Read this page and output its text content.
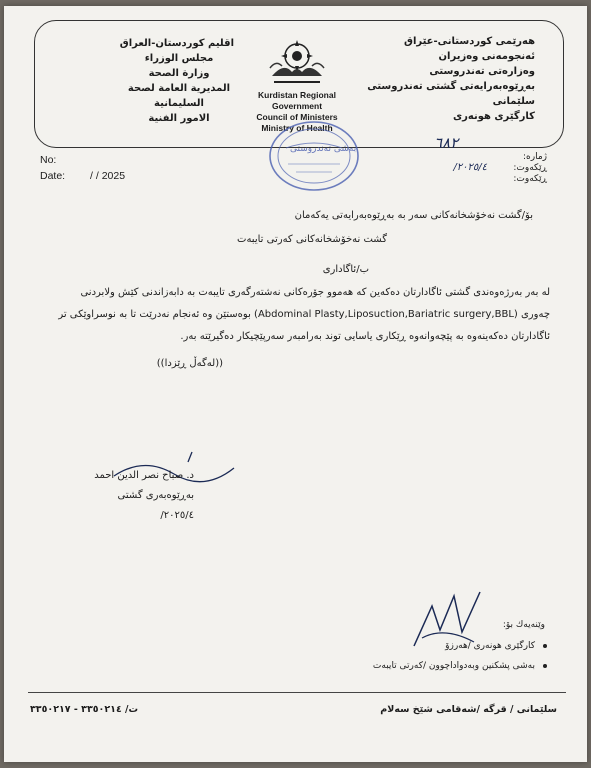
هەرێمی كوردستانی-عێراق
ئەنجومەنی وەزیران
وەزارەتی تەندروستی
بەڕێوەبەرایەتی گشتی تەندروستی
سلێمانی
كارگێری هونەری
اقليم كوردستان-العراق
مجلس الوزراء
وزارة الصحة
المديرية العامة لصحة
السليمانية
الامور الفنية
Kurdistan Regional
Government
Council of Ministers
Ministry of Health
بەشی تەندروستی
No:
Date: / / 2025
ژمارە:
ڕێکەوت:
ڕێکەوت:
٦٨٢
٢٠٢٥/٤/
بۆ/گشت نەخۆشخانەکانی سەر بە بەڕێوەبەرایەتی یەکەمان
گشت نەخۆشخانەکانی کەرتی تایبەت
ب/ئاگاداری
لە بەر بەرژەوەندی گشتی ئاگادارتان دەکەین کە هەموو جۆرەکانی نەشتەرگەری تایبەت بە دابەزاندنی کێش ولابردنی
چەوری (Abdominal Plasty,Liposuction,Bariatric surgery,BBL) بوەستێن وە ئەنجام نەدرێت تا بە نوسراوێکی تر
ئاگادارتان دەکەینەوە بە پێچەوانەوە ڕێکاری یاسایی توند بەرامبەر سەرپێچیکار دەگیرێتە بەر.
((لەگەڵ ڕێزدا))
د. صباح نصر الدين احمد
بەڕێوەبەری گشتی
٢٠٢٥/٤/
وێنەیەك بۆ:
كارگێری هونەری /هەرزۆ
بەشی پشکنین وبەدواداچوون /کەرتی تایبەت
ت/ ٣٣٥٠٢١٤ - ٣٣٥٠٢١٧	سلێمانی / قرگە /شەقامی شێخ سەلام
